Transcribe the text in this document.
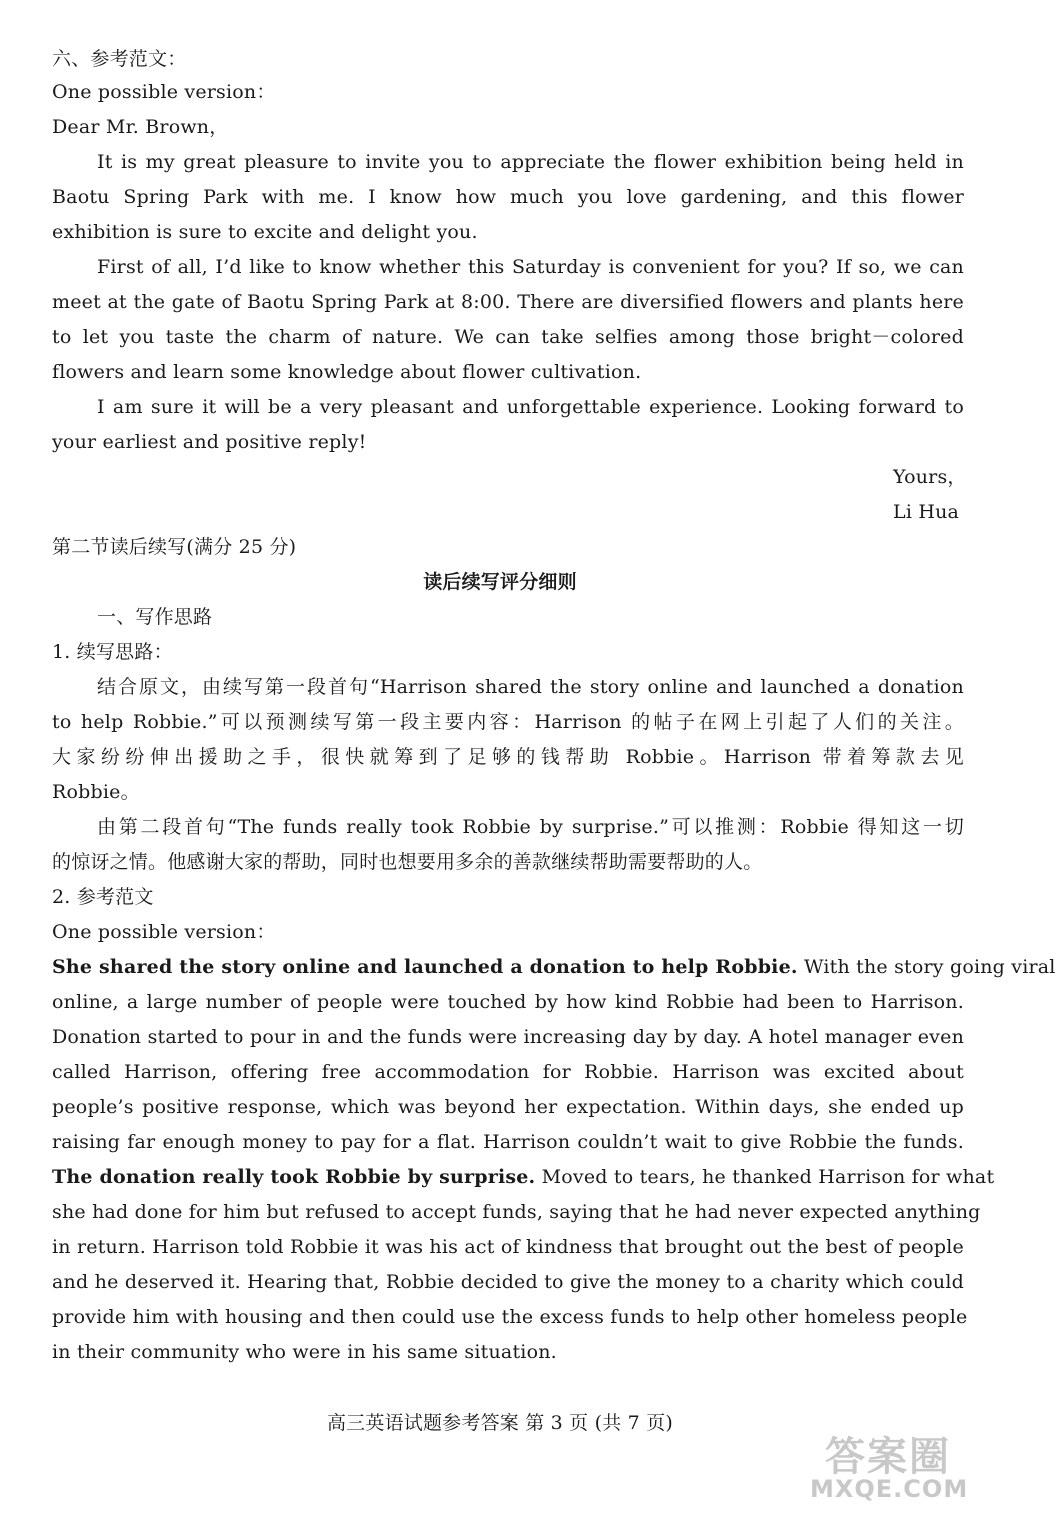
六、参考范文：
One possible version：
Dear Mr. Brown，
It is my great pleasure to invite you to appreciate the flower exhibition being held in
Baotu Spring Park with me. I know how much you love gardening, and this flower
exhibition is sure to excite and delight you.
First of all, I’d like to know whether this Saturday is convenient for you? If so, we can
meet at the gate of Baotu Spring Park at 8:00. There are diversified flowers and plants here
to let you taste the charm of nature. We can take selfies among those bright－colored
flowers and learn some knowledge about flower cultivation.
I am sure it will be a very pleasant and unforgettable experience. Looking forward to
your earliest and positive reply!
Yours，
Li Hua
第二节读后续写(满分 25 分)
读后续写评分细则
一、写作思路
1. 续写思路：
结合原文，由续写第一段首句“Harrison shared the story online and launched a donation
to help Robbie.”可以预测续写第一段主要内容：Harrison 的帖子在网上引起了人们的关注。
大家纷纷伸出援助之手，很快就筹到了足够的钱帮助 Robbie。Harrison 带着筹款去见
Robbie。
由第二段首句“The funds really took Robbie by surprise.”可以推测：Robbie 得知这一切
的惊讶之情。他感谢大家的帮助，同时也想要用多余的善款继续帮助需要帮助的人。
2. 参考范文
One possible version：
She shared the story online and launched a donation to help Robbie. With the story going viral
online, a large number of people were touched by how kind Robbie had been to Harrison.
Donation started to pour in and the funds were increasing day by day. A hotel manager even
called Harrison, offering free accommodation for Robbie. Harrison was excited about
people’s positive response, which was beyond her expectation. Within days, she ended up
raising far enough money to pay for a flat. Harrison couldn’t wait to give Robbie the funds.
The donation really took Robbie by surprise. Moved to tears, he thanked Harrison for what
she had done for him but refused to accept funds, saying that he had never expected anything
in return. Harrison told Robbie it was his act of kindness that brought out the best of people
and he deserved it. Hearing that, Robbie decided to give the money to a charity which could
provide him with housing and then could use the excess funds to help other homeless people
in their community who were in his same situation.
高三英语试题参考答案 第 3 页 (共 7 页)
答案圈
MXQE.COM
